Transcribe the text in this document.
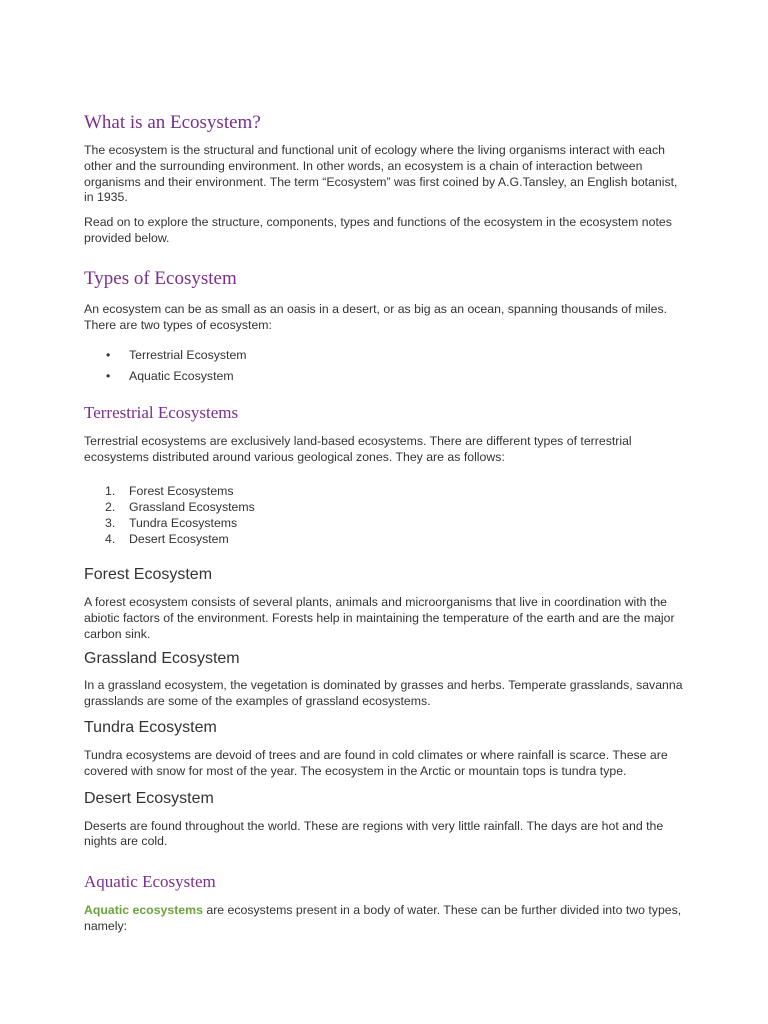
What is an Ecosystem?

The ecosystem is the structural and functional unit of ecology where the living organisms interact with each other and the surrounding environment. In other words, an ecosystem is a chain of interaction between organisms and their environment. The term “Ecosystem” was first coined by A.G.Tansley, an English botanist, in 1935.

Read on to explore the structure, components, types and functions of the ecosystem in the ecosystem notes provided below.

Types of Ecosystem

An ecosystem can be as small as an oasis in a desert, or as big as an ocean, spanning thousands of miles. There are two types of ecosystem:

• Terrestrial Ecosystem
• Aquatic Ecosystem
Terrestrial Ecosystems

Terrestrial ecosystems are exclusively land-based ecosystems. There are different types of terrestrial ecosystems distributed around various geological zones. They are as follows:

1. Forest Ecosystems
2. Grassland Ecosystems
3. Tundra Ecosystems
4. Desert Ecosystem
Forest Ecosystem

A forest ecosystem consists of several plants, animals and microorganisms that live in coordination with the abiotic factors of the environment. Forests help in maintaining the temperature of the earth and are the major carbon sink.

Grassland Ecosystem

In a grassland ecosystem, the vegetation is dominated by grasses and herbs. Temperate grasslands, savanna grasslands are some of the examples of grassland ecosystems.

Tundra Ecosystem

Tundra ecosystems are devoid of trees and are found in cold climates or where rainfall is scarce. These are covered with snow for most of the year. The ecosystem in the Arctic or mountain tops is tundra type.

Desert Ecosystem

Deserts are found throughout the world. These are regions with very little rainfall. The days are hot and the nights are cold.

Aquatic Ecosystem

Aquatic ecosystems are ecosystems present in a body of water. These can be further divided into two types, namely:
